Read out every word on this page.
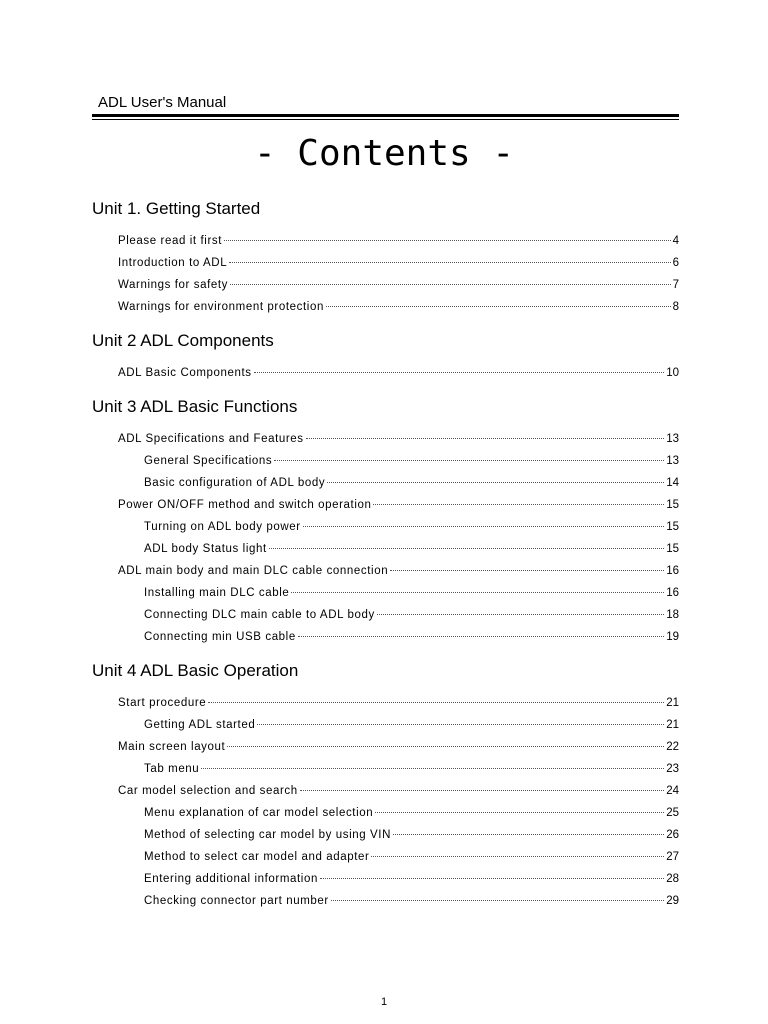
ADL User's Manual
- Contents -
Unit 1. Getting Started
Please read it first	4
Introduction to ADL	6
Warnings for safety	7
Warnings for environment protection	8
Unit 2 ADL Components
ADL Basic Components	10
Unit 3 ADL Basic Functions
ADL Specifications and Features	13
General Specifications	13
Basic configuration of ADL body	14
Power ON/OFF method and switch operation	15
Turning on ADL body power	15
ADL body Status light	15
ADL main body and main DLC cable connection	16
Installing main DLC cable	16
Connecting DLC main cable to ADL body	18
Connecting min USB cable	19
Unit 4 ADL Basic Operation
Start procedure	21
Getting ADL started	21
Main screen layout	22
Tab menu	23
Car model selection and search	24
Menu explanation of car model selection	25
Method of selecting car model by using VIN	26
Method to select car model and adapter	27
Entering additional information	28
Checking connector part number	29
1
